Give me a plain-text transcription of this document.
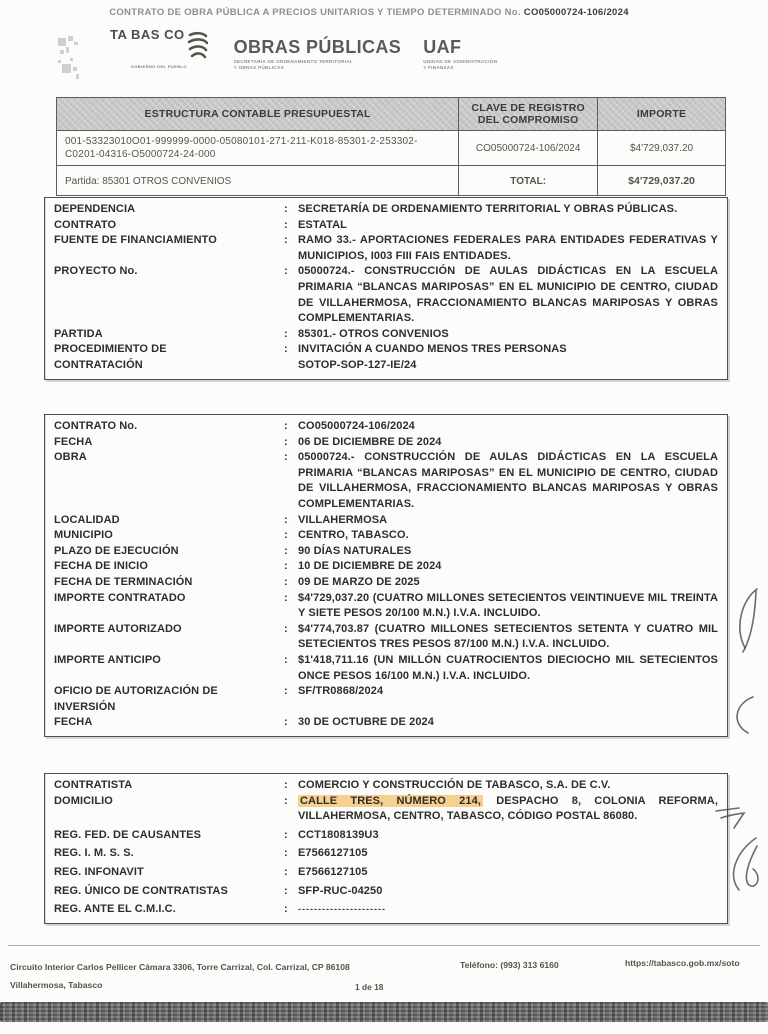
CONTRATO DE OBRA PÚBLICA A PRECIOS UNITARIOS Y TIEMPO DETERMINADO No. CO05000724-106/2024
TA BAS CO
GOBIERNO DEL PUEBLO
OBRAS PÚBLICAS
SECRETARÍA DE ORDENAMIENTO TERRITORIAL
Y OBRAS PÚBLICAS
UAF
UNIDAD DE ADMINISTRACIÓN
Y FINANZAS
ESTRUCTURA CONTABLE PRESUPUESTAL	CLAVE DE REGISTRO DEL COMPROMISO	IMPORTE
001-53323010O01-999999-0000-05080101-271-211-K018-85301-2-253302-C0201-04316-O5000724-24-000	CO05000724-106/2024	$4'729,037.20
Partida: 85301 OTROS CONVENIOS	TOTAL:	$4'729,037.20
DEPENDENCIA	: SECRETARÍA DE ORDENAMIENTO TERRITORIAL Y OBRAS PÚBLICAS.
CONTRATO	: ESTATAL
FUENTE DE FINANCIAMIENTO	: RAMO 33.- APORTACIONES FEDERALES PARA ENTIDADES FEDERATIVAS Y MUNICIPIOS, I003 FIII FAIS ENTIDADES.
PROYECTO No.	: 05000724.- CONSTRUCCIÓN DE AULAS DIDÁCTICAS EN LA ESCUELA PRIMARIA “BLANCAS MARIPOSAS” EN EL MUNICIPIO DE CENTRO, CIUDAD DE VILLAHERMOSA, FRACCIONAMIENTO BLANCAS MARIPOSAS Y OBRAS COMPLEMENTARIAS.
PARTIDA	: 85301.- OTROS CONVENIOS
PROCEDIMIENTO DE
CONTRATACIÓN
: INVITACIÓN A CUANDO MENOS TRES PERSONAS
SOTOP-SOP-127-IE/24
CONTRATO No.	: CO05000724-106/2024
FECHA	: 06 DE DICIEMBRE DE 2024
OBRA	: 05000724.- CONSTRUCCIÓN DE AULAS DIDÁCTICAS EN LA ESCUELA PRIMARIA “BLANCAS MARIPOSAS” EN EL MUNICIPIO DE CENTRO, CIUDAD DE VILLAHERMOSA, FRACCIONAMIENTO BLANCAS MARIPOSAS Y OBRAS COMPLEMENTARIAS.
LOCALIDAD	: VILLAHERMOSA
MUNICIPIO	: CENTRO, TABASCO.
PLAZO DE EJECUCIÓN	: 90 DÍAS NATURALES
FECHA DE INICIO	: 10 DE DICIEMBRE DE 2024
FECHA DE TERMINACIÓN	: 09 DE MARZO DE 2025
IMPORTE CONTRATADO	: $4'729,037.20 (CUATRO MILLONES SETECIENTOS VEINTINUEVE MIL TREINTA Y SIETE PESOS 20/100 M.N.) I.V.A. INCLUIDO.
IMPORTE AUTORIZADO	: $4'774,703.87 (CUATRO MILLONES SETECIENTOS SETENTA Y CUATRO MIL SETECIENTOS TRES PESOS 87/100 M.N.) I.V.A. INCLUIDO.
IMPORTE ANTICIPO	: $1'418,711.16 (UN MILLÓN CUATROCIENTOS DIECIOCHO MIL SETECIENTOS ONCE PESOS 16/100 M.N.) I.V.A. INCLUIDO.
OFICIO DE AUTORIZACIÓN DE
INVERSIÓN
: SF/TR0868/2024
FECHA	: 30 DE OCTUBRE DE 2024
CONTRATISTA	: COMERCIO Y CONSTRUCCIÓN DE TABASCO, S.A. DE C.V.
DOMICILIO	:	CALLE TRES, NÚMERO 214, DESPACHO 8, COLONIA REFORMA, VILLAHERMOSA, CENTRO, TABASCO, CÓDIGO POSTAL 86080.
REG. FED. DE CAUSANTES	: CCT1808139U3
REG. I. M. S. S.	: E7566127105
REG. INFONAVIT	: E7566127105
REG. ÚNICO DE CONTRATISTAS	: SFP-RUC-04250
REG. ANTE EL C.M.I.C.	:	----------------------
Circuito Interior Carlos Pellicer Cámara 3306, Torre Carrizal, Col. Carrizal, CP 86108
Villahermosa, Tabasco
Teléfono: (993) 313 6160	https://tabasco.gob.mx/soto
1 de 18
